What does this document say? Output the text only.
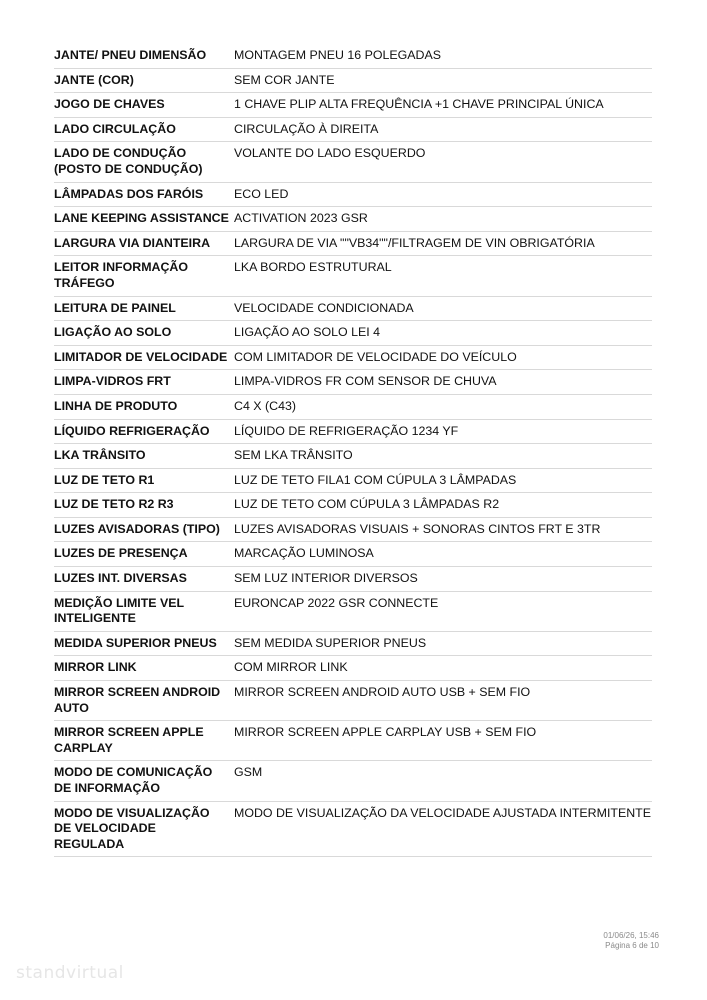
JANTE/ PNEU DIMENSÃO	MONTAGEM PNEU 16 POLEGADAS
JANTE (COR)	SEM COR JANTE
JOGO DE CHAVES	1 CHAVE PLIP ALTA FREQUÊNCIA +1 CHAVE PRINCIPAL ÚNICA
LADO CIRCULAÇÃO	CIRCULAÇÃO À DIREITA
LADO DE CONDUÇÃO (POSTO DE CONDUÇÃO)	VOLANTE DO LADO ESQUERDO
LÂMPADAS DOS FARÓIS	ECO LED
LANE KEEPING ASSISTANCE	ACTIVATION 2023 GSR
LARGURA VIA DIANTEIRA	LARGURA DE VIA ""VB34""/FILTRAGEM DE VIN OBRIGATÓRIA
LEITOR INFORMAÇÃO TRÁFEGO	LKA BORDO ESTRUTURAL
LEITURA DE PAINEL	VELOCIDADE CONDICIONADA
LIGAÇÃO AO SOLO	LIGAÇÃO AO SOLO LEI 4
LIMITADOR DE VELOCIDADE	COM LIMITADOR DE VELOCIDADE DO VEÍCULO
LIMPA-VIDROS FRT	LIMPA-VIDROS FR COM SENSOR DE CHUVA
LINHA DE PRODUTO	C4 X (C43)
LÍQUIDO REFRIGERAÇÃO	LÍQUIDO DE REFRIGERAÇÃO 1234 YF
LKA TRÂNSITO	SEM LKA TRÂNSITO
LUZ DE TETO R1	LUZ DE TETO FILA1 COM CÚPULA 3 LÂMPADAS
LUZ DE TETO R2 R3	LUZ DE TETO COM CÚPULA 3 LÂMPADAS R2
LUZES AVISADORAS (TIPO)	LUZES AVISADORAS VISUAIS + SONORAS CINTOS FRT E 3TR
LUZES DE PRESENÇA	MARCAÇÃO LUMINOSA
LUZES INT. DIVERSAS	SEM LUZ INTERIOR DIVERSOS
MEDIÇÃO LIMITE VEL INTELIGENTE	EURONCAP 2022 GSR CONNECTE
MEDIDA SUPERIOR PNEUS	SEM MEDIDA SUPERIOR PNEUS
MIRROR LINK	COM MIRROR LINK
MIRROR SCREEN ANDROID AUTO	MIRROR SCREEN ANDROID AUTO USB + SEM FIO
MIRROR SCREEN APPLE CARPLAY	MIRROR SCREEN APPLE CARPLAY USB + SEM FIO
MODO DE COMUNICAÇÃO DE INFORMAÇÃO	GSM
MODO DE VISUALIZAÇÃO DE VELOCIDADE REGULADA	MODO DE VISUALIZAÇÃO DA VELOCIDADE AJUSTADA INTERMITENTE
01/06/26, 15:46
Página 6 de 10
standvirtual
